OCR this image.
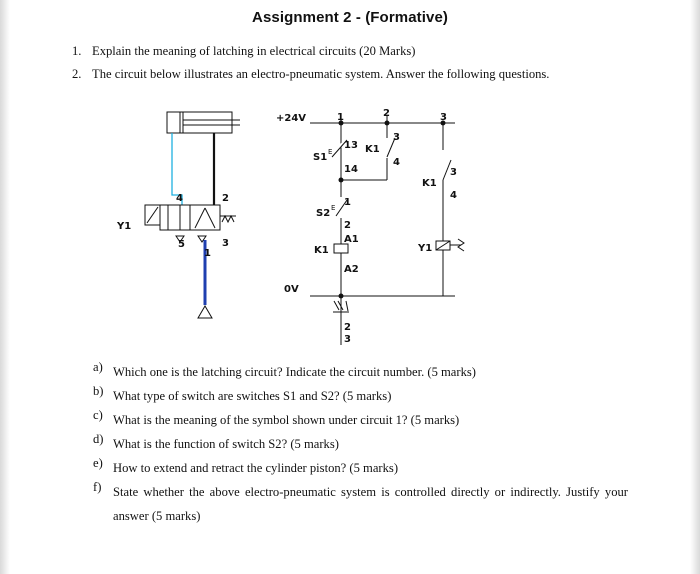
Assignment 2 - (Formative)
1. Explain the meaning of latching in electrical circuits (20 Marks)
2. The circuit below illustrates an electro-pneumatic system. Answer the following questions.
Y1
4	2
5	3
1
+24V	1	2	3
S1 E
13
14
K1
3
4
K1
3
4
S2 E 1
2
K1
A1
A2
Y1
0V
2
3
a) Which one is the latching circuit? Indicate the circuit number. (5 marks)
b) What type of switch are switches S1 and S2? (5 marks)
c) What is the meaning of the symbol shown under circuit 1? (5 marks)
d) What is the function of switch S2? (5 marks)
e) How to extend and retract the cylinder piston? (5 marks)
f) State whether the above electro-pneumatic system is controlled directly or indirectly. Justify your answer (5 marks)
